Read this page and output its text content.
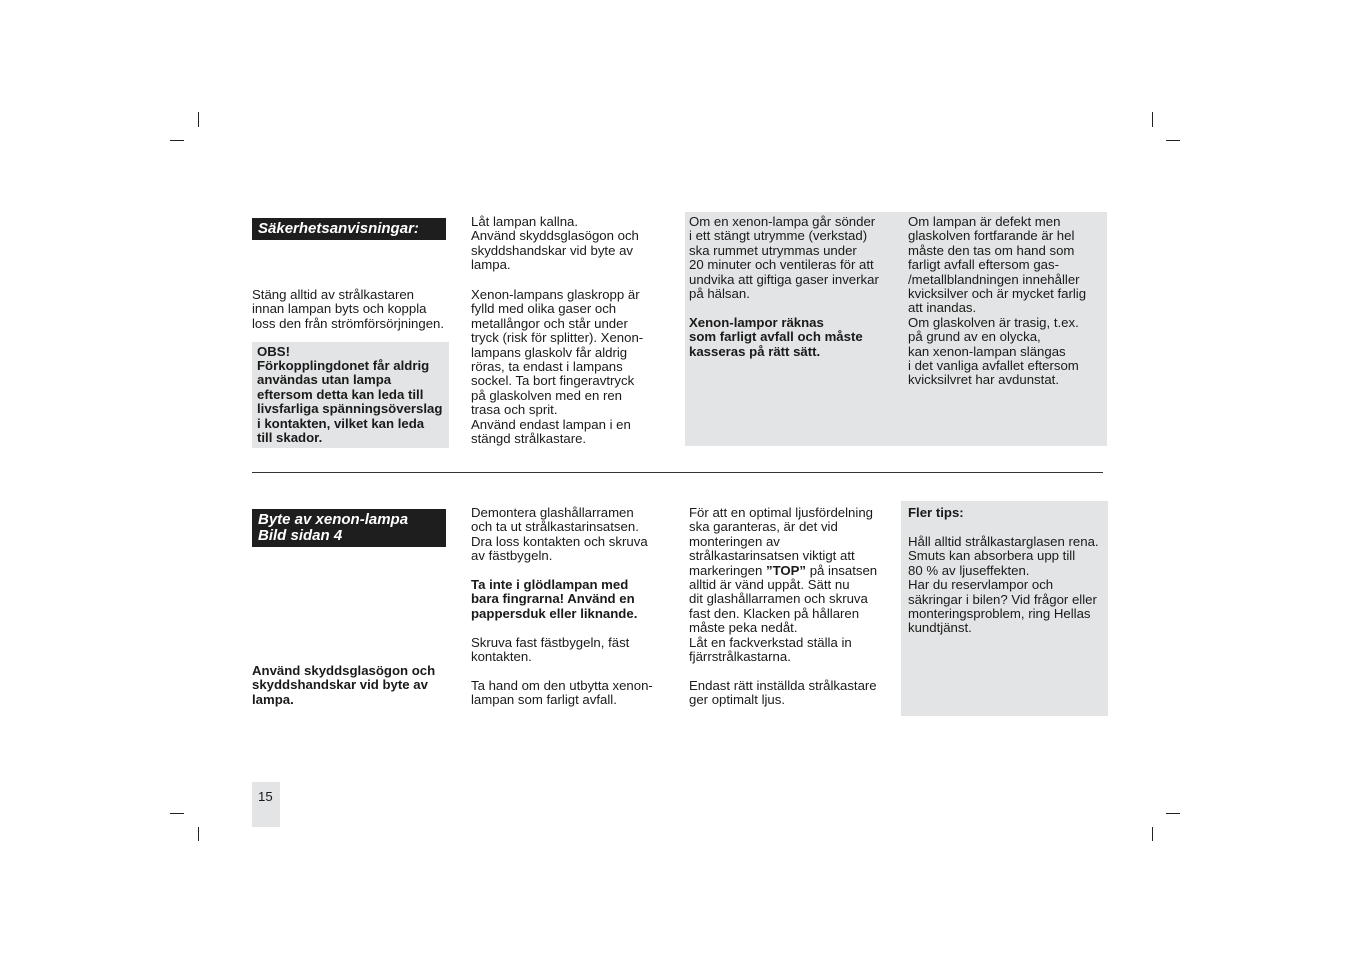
Säkerhetsanvisningar:
Stäng alltid av strålkastaren
innan lampan byts och koppla
loss den från strömförsörjningen.
OBS!
Förkopplingdonet får aldrig
användas utan lampa
eftersom detta kan leda till
livsfarliga spänningsöverslag
i kontakten, vilket kan leda
till skador.
Låt lampan kallna.
Använd skyddsglasögon och
skyddshandskar vid byte av
lampa.
Xenon-lampans glaskropp är
fylld med olika gaser och
metallångor och står under
tryck (risk för splitter). Xenon-
lampans glaskolv får aldrig
röras, ta endast i lampans
sockel. Ta bort fingeravtryck
på glaskolven med en ren
trasa och sprit.
Använd endast lampan i en
stängd strålkastare.
Om en xenon-lampa går sönder
i ett stängt utrymme (verkstad)
ska rummet utrymmas under
20 minuter och ventileras för att
undvika att giftiga gaser inverkar
på hälsan.
Xenon-lampor räknas
som farligt avfall och måste
kasseras på rätt sätt.
Om lampan är defekt men
glaskolven fortfarande är hel
måste den tas om hand som
farligt avfall eftersom gas-
/metallblandningen innehåller
kvicksilver och är mycket farlig
att inandas.
Om glaskolven är trasig, t.ex.
på grund av en olycka,
kan xenon-lampan slängas
i det vanliga avfallet eftersom
kvicksilvret har avdunstat.
Byte av xenon-lampa
Bild sidan 4
Använd skyddsglasögon och
skyddshandskar vid byte av
lampa.
Demontera glashållarramen
och ta ut strålkastarinsatsen.
Dra loss kontakten och skruva
av fästbygeln.
Ta inte i glödlampan med
bara fingrarna! Använd en
pappersduk eller liknande.
Skruva fast fästbygeln, fäst
kontakten.
Ta hand om den utbytta xenon-
lampan som farligt avfall.
För att en optimal ljusfördelning
ska garanteras, är det vid
monteringen av
strålkastarinsatsen viktigt att
markeringen ”TOP” på insatsen
alltid är vänd uppåt. Sätt nu
dit glashållarramen och skruva
fast den. Klacken på hållaren
måste peka nedåt.
Låt en fackverkstad ställa in
fjärrstrålkastarna.
Endast rätt inställda strålkastare
ger optimalt ljus.
Fler tips:
Håll alltid strålkastarglasen rena.
Smuts kan absorbera upp till
80 % av ljuseffekten.
Har du reservlampor och
säkringar i bilen? Vid frågor eller
monteringsproblem, ring Hellas
kundtjänst.
15
